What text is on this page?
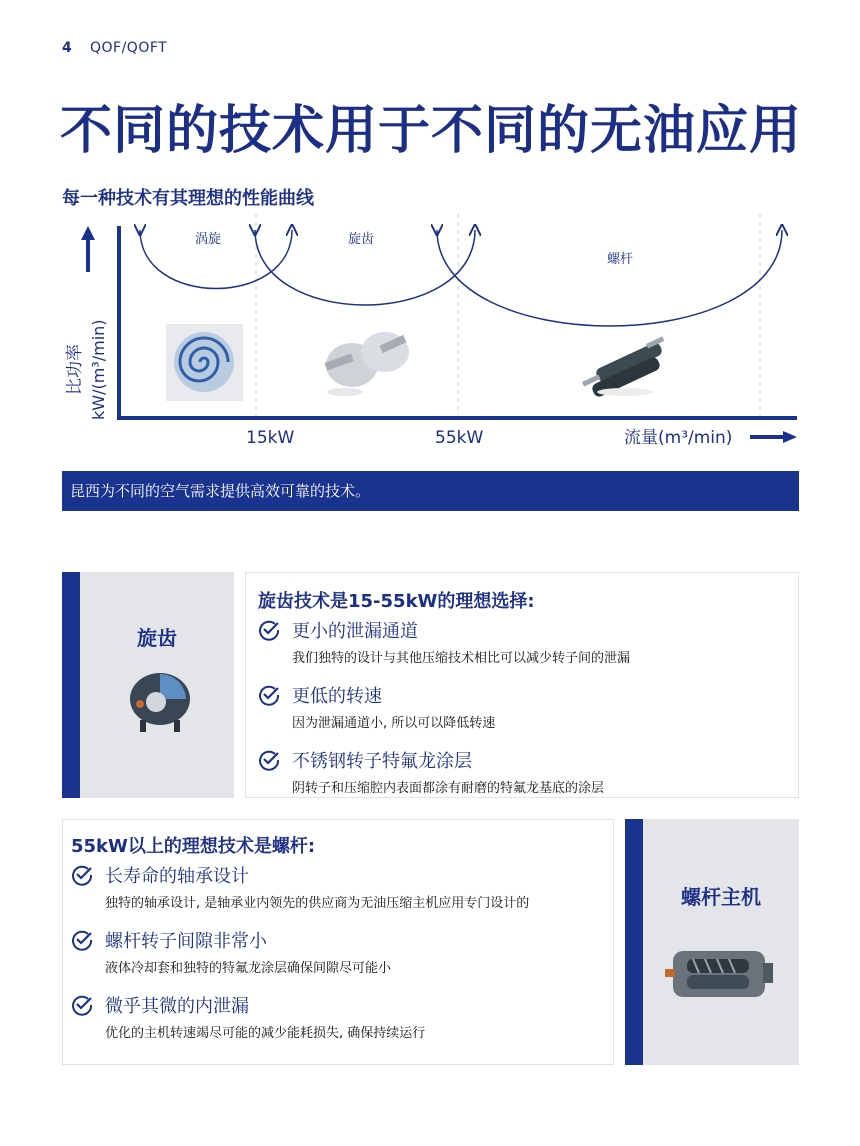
4 QOF/QOFT
不同的技术用于不同的无油应用
每一种技术有其理想的性能曲线
涡旋	旋齿
螺杆
比功率 kW/(m³/min)
15kW	55kW	流量(m³/min)
昆西为不同的空气需求提供高效可靠的技术。
旋齿
旋齿技术是15-55kW的理想选择:
更小的泄漏通道
我们独特的设计与其他压缩技术相比可以减少转子间的泄漏
更低的转速
因为泄漏通道小, 所以可以降低转速
不锈钢转子特氟龙涂层
阴转子和压缩腔内表面都涂有耐磨的特氟龙基底的涂层
55kW以上的理想技术是螺杆:
长寿命的轴承设计
独特的轴承设计, 是轴承业内领先的供应商为无油压缩主机应用专门设计的
螺杆转子间隙非常小
液体冷却套和独特的特氟龙涂层确保间隙尽可能小
微乎其微的内泄漏
优化的主机转速竭尽可能的减少能耗损失, 确保持续运行
螺杆主机
